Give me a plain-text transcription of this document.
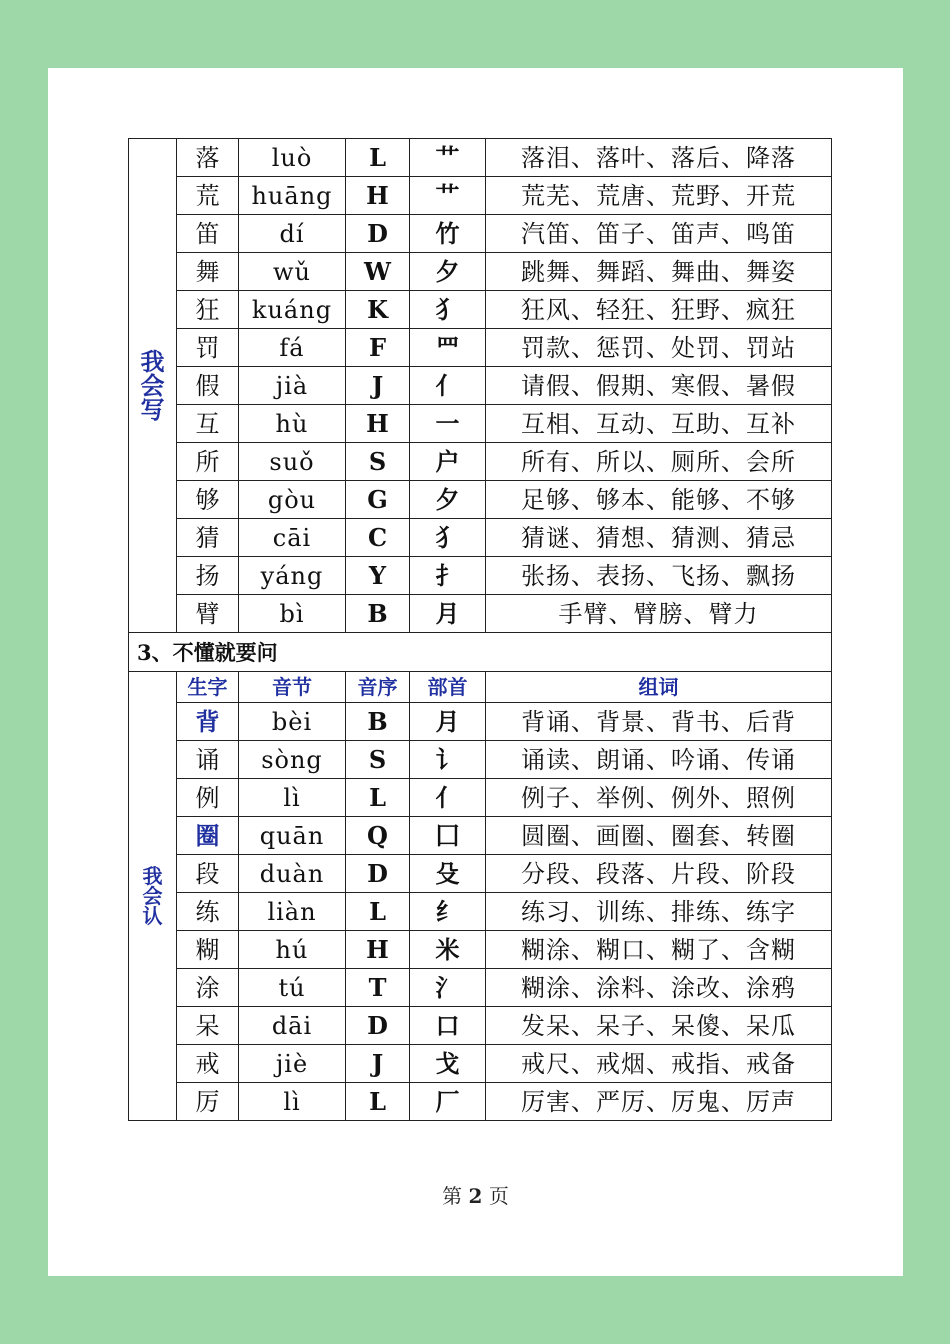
我
会
写	落	luò	L	艹	落泪、落叶、落后、降落
	荒	huāng	H	艹	荒芜、荒唐、荒野、开荒
	笛	dí	D	竹	汽笛、笛子、笛声、鸣笛
	舞	wǔ	W	夕	跳舞、舞蹈、舞曲、舞姿
	狂	kuáng	K	犭	狂风、轻狂、狂野、疯狂
	罚	fá	F	罒	罚款、惩罚、处罚、罚站
	假	jià	J	亻	请假、假期、寒假、暑假
	互	hù	H	一	互相、互动、互助、互补
	所	suǒ	S	户	所有、所以、厕所、会所
	够	gòu	G	夕	足够、够本、能够、不够
	猜	cāi	C	犭	猜谜、猜想、猜测、猜忌
	扬	yáng	Y	扌	张扬、表扬、飞扬、飘扬
	臂	bì	B	月	手臂、臂膀、臂力
3、不懂就要问					

我
会
认	生字	音节	音序	部首	组词
	背	bèi	B	月	背诵、背景、背书、后背
	诵	sòng	S	讠	诵读、朗诵、吟诵、传诵
	例	lì	L	亻	例子、举例、例外、照例
	圈	quān	Q	囗	圆圈、画圈、圈套、转圈
	段	duàn	D	殳	分段、段落、片段、阶段
	练	liàn	L	纟	练习、训练、排练、练字
	糊	hú	H	米	糊涂、糊口、糊了、含糊
	涂	tú	T	氵	糊涂、涂料、涂改、涂鸦
	呆	dāi	D	口	发呆、呆子、呆傻、呆瓜
	戒	jiè	J	戈	戒尺、戒烟、戒指、戒备
	厉	lì	L	厂	厉害、严厉、厉鬼、厉声
第 2 页
